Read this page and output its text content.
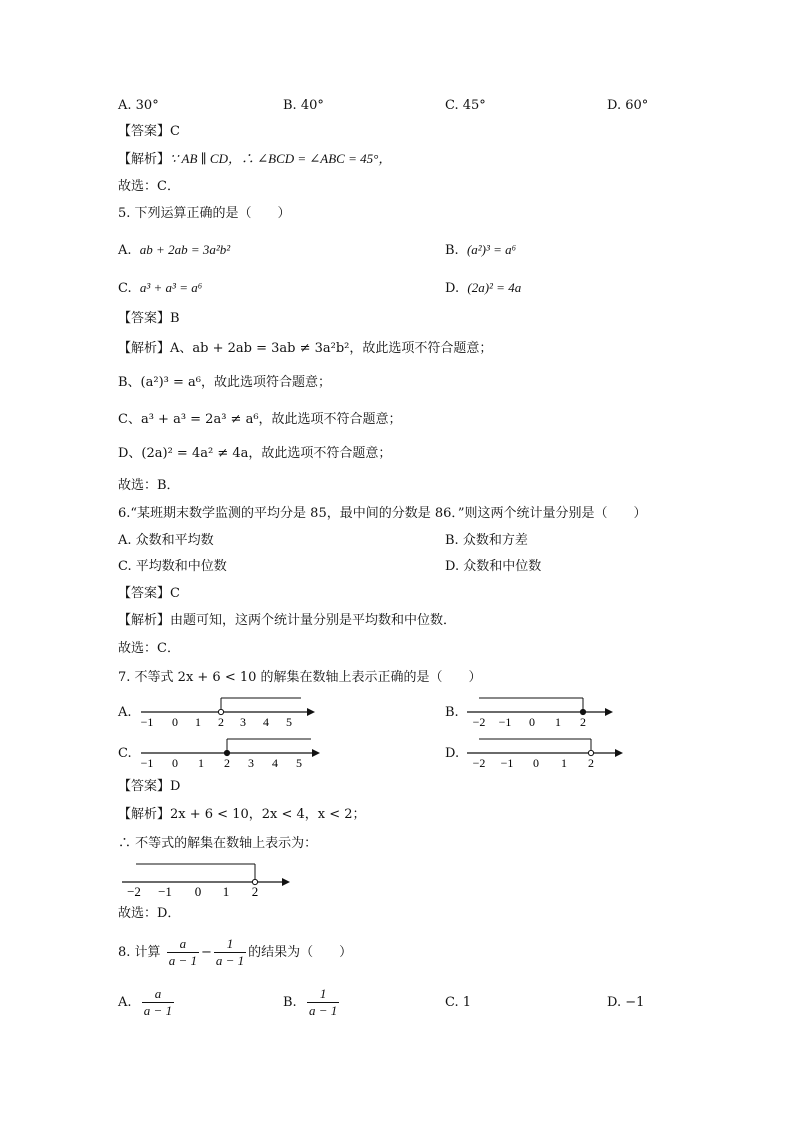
A. 30°	B. 40°	C. 45°	D. 60°
【答案】C
【解析】∵ AB ∥ CD，∴ ∠BCD = ∠ABC = 45°，
故选：C．
5. 下列运算正确的是（　　）
A. ab + 2ab = 3a²b²	B. (a²)³ = a⁶
C. a³ + a³ = a⁶	D. (2a)² = 4a
【答案】B
【解析】A、ab + 2ab = 3ab ≠ 3a²b²，故此选项不符合题意；
B、(a²)³ = a⁶，故此选项符合题意；
C、a³ + a³ = 2a³ ≠ a⁶，故此选项不符合题意；
D、(2a)² = 4a² ≠ 4a，故此选项不符合题意；
故选：B．
6.“某班期末数学监测的平均分是 85，最中间的分数是 86．”则这两个统计量分别是（　　）
A. 众数和平均数	B. 众数和方差
C. 平均数和中位数	D. 众数和中位数
【答案】C
【解析】由题可知，这两个统计量分别是平均数和中位数．
故选：C．
7. 不等式 2x + 6 < 10 的解集在数轴上表示正确的是（　　）
A.
−1 0 1 2 3 4 5
B.
−2 −1 0 1 2
C.
−1 0 1 2 3 4 5
D.
−2 −1 0 1 2
【答案】D
【解析】2x + 6 < 10，2x < 4，x < 2；
∴ 不等式的解集在数轴上表示为：
−2 −1 0 1 2
故选：D．
8. 计算 $\frac{a}{a - 1} - \frac{1}{a - 1}$ 的结果为（　　）
A. $\frac{a}{a - 1}$	B. $\frac{1}{a - 1}$	C. 1	D. −1
